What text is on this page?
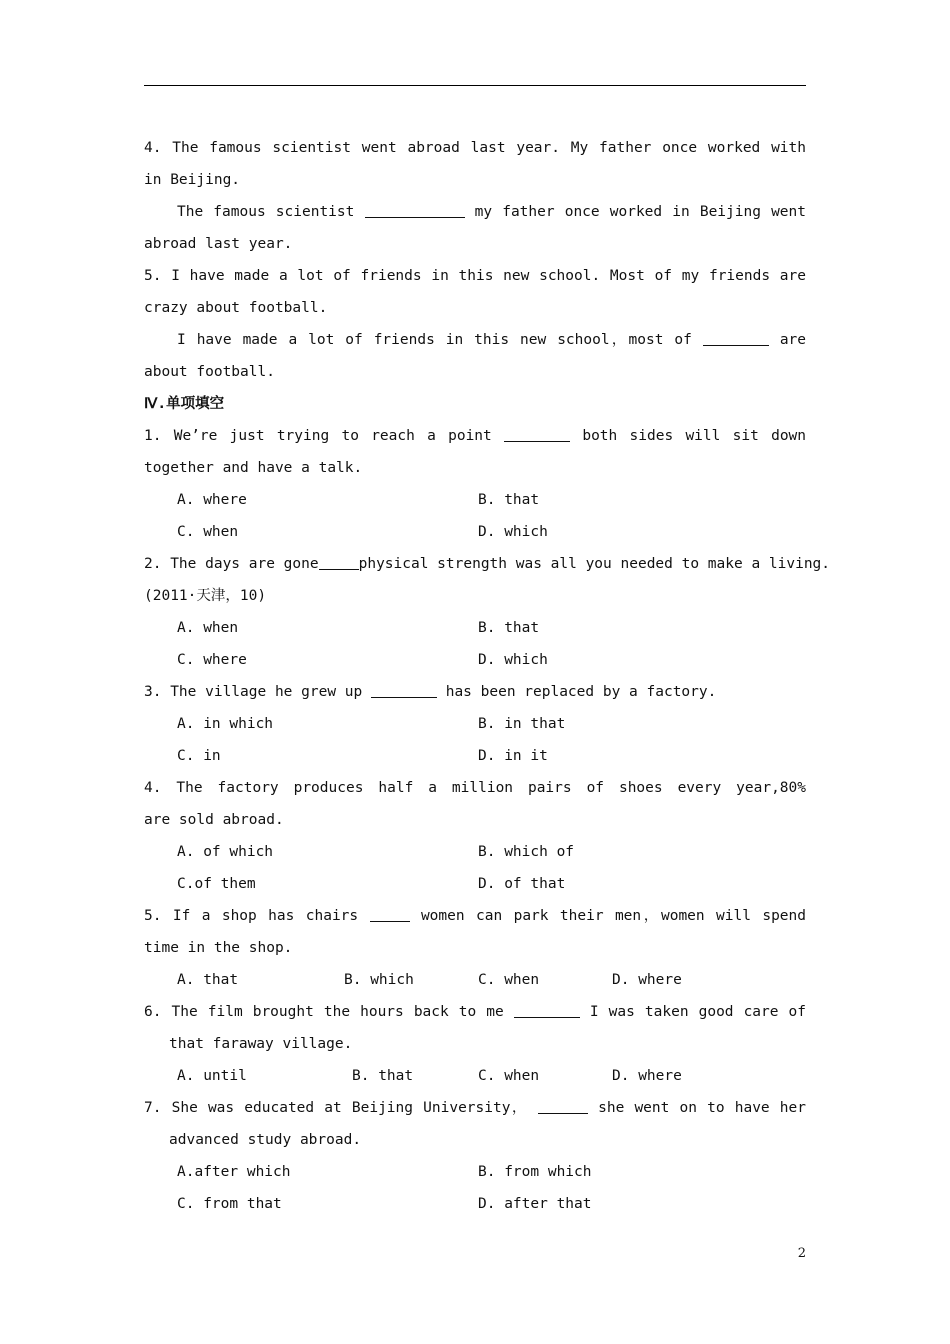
4. The famous scientist went abroad last year. My father once worked with
in Beijing.
The famous scientist	my father once worked in Beijing went
abroad last year.
5. I have made a lot of friends in this new school. Most of my friends are
crazy about football.
I have made a lot of friends in this new school，most of	are
about football.
Ⅳ.单项填空
1. We’re just trying to reach a point	both sides will sit down
together and have a talk.
A. where	B. that
C. when	D. which
2. The days are gone	physical strength was all you needed to make a living.
(2011·天津，10)
A. when	B. that
C. where	D. which
3. The village he grew up	has been replaced by a factory.
A. in which	B. in that
C. in	D. in it
4. The factory produces half a million pairs of shoes every year,80%
are sold abroad.
A. of which	B. which of
C.of them	D. of that
5. If a shop has chairs	women can park their men，women will spend
time in the shop.
A. that	B. which	C. when	D. where
6. The film brought the hours back to me	I was taken good care of
that faraway village.
A. until	B. that	C. when	D. where
7. She was educated at Beijing University，	she went on to have her
advanced study abroad.
A.after which	B. from which
C. from that	D. after that
2
